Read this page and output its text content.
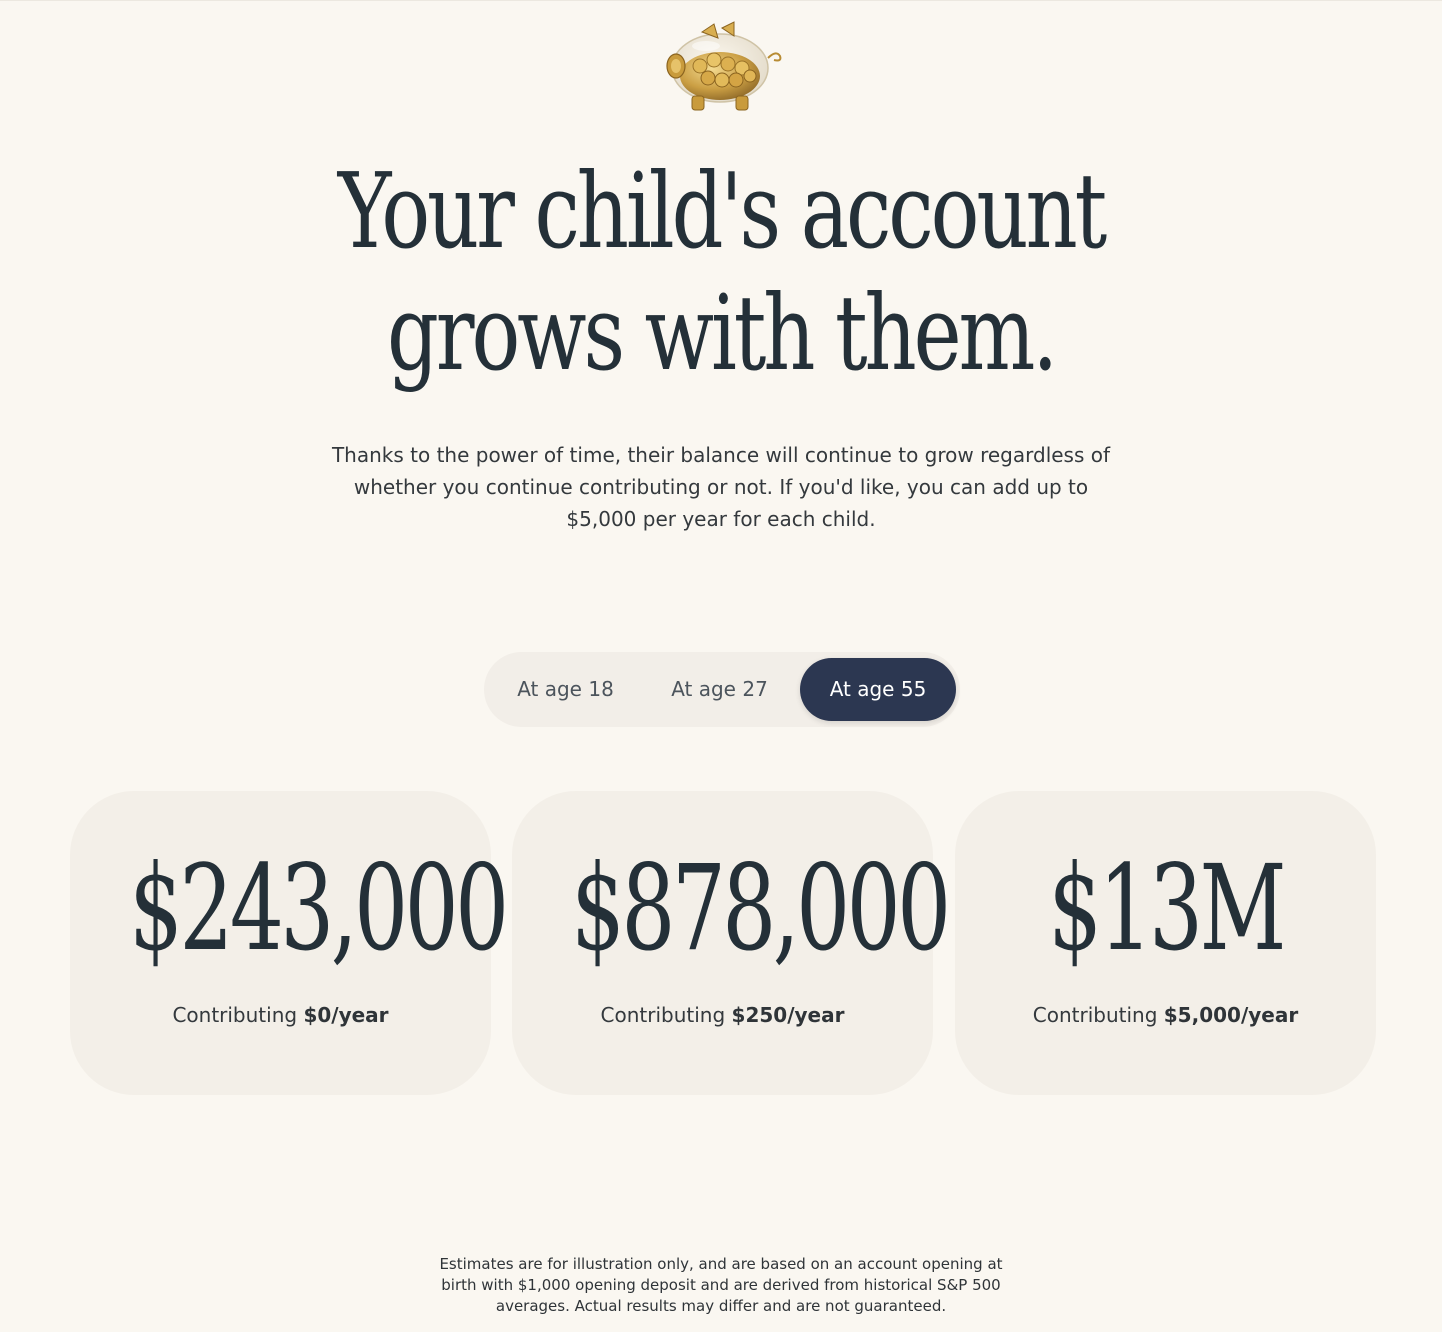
Your child's account
grows with them.

Thanks to the power of time, their balance will continue to grow regardless of whether you continue contributing or not. If you'd like, you can add up to $5,000 per year for each child.

At age 18	At age 27	At age 55
$243,000
Contributing $0/year
$878,000
Contributing $250/year
$13M
Contributing $5,000/year

Estimates are for illustration only, and are based on an account opening at birth with $1,000 opening deposit and are derived from historical S&P 500 averages. Actual results may differ and are not guaranteed.
